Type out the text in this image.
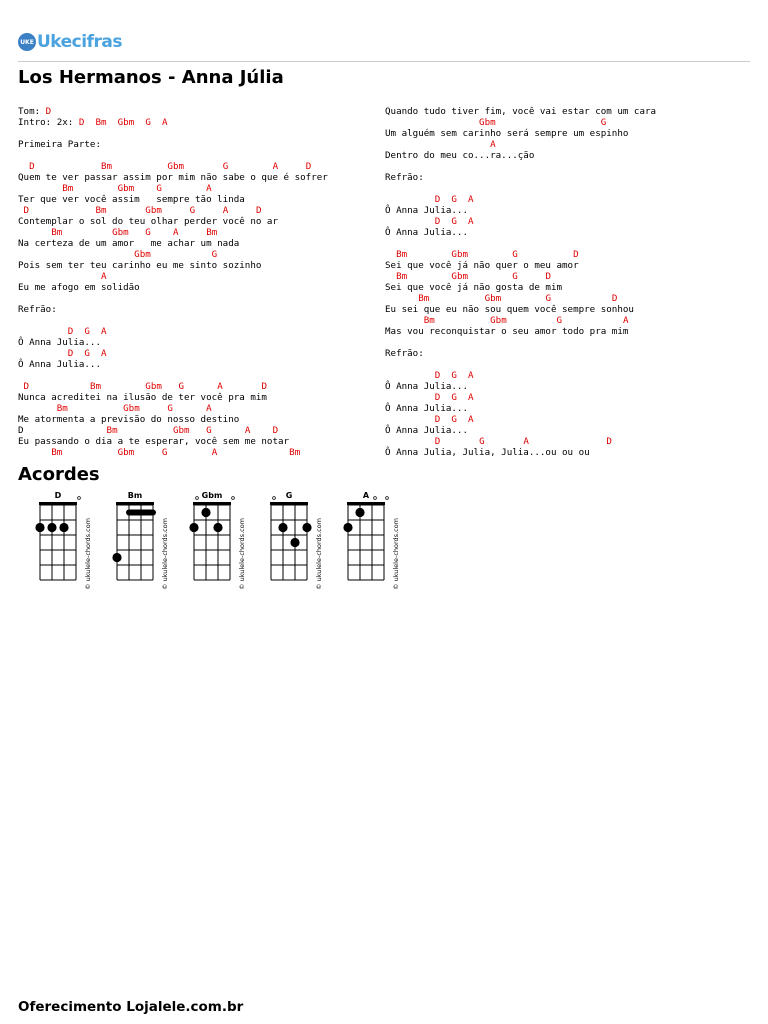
UKE Ukecifras
Los Hermanos - Anna Júlia
Tom: D
Intro: 2x: D Bm Gbm G A
Primeira Parte:
D	Bm	Gbm	G	A	D
Quem te ver passar assim por mim não sabe o que é sofrer
Bm	Gbm G	A
Ter que ver você assim   sempre tão linda
D	Bm	Gbm	G	A	D
Contemplar o sol do teu olhar perder você no ar
Bm	Gbm G A	Bm
Na certeza de um amor   me achar um nada
Gbm	G
Pois sem ter teu carinho eu me sinto sozinho
A
Eu me afogo em solidão
Refrão:
D G A
Ô Anna Julia...
D G A
Ô Anna Julia...
D	Bm	Gbm G	A	D
Nunca acreditei na ilusão de ter você pra mim
Bm	Gbm	G	A
Me atormenta a previsão do nosso destino
D	Bm	Gbm G	A D
Eu passando o dia a te esperar, você sem me notar
Bm	Gbm	G	A	Bm
Quando tudo tiver fim, você vai estar com um cara
Gbm	G
Um alguém sem carinho será sempre um espinho
A
Dentro do meu co...ra...ção
Refrão:
D G A
Ô Anna Julia...
D G A
Ô Anna Julia...
Bm	Gbm	G	D
Sei que você já não quer o meu amor
Bm	Gbm	G	D
Sei que você já não gosta de mim
Bm	Gbm	G	D
Eu sei que eu não sou quem você sempre sonhou
Bm	Gbm	G	A
Mas vou reconquistar o seu amor todo pra mim
Refrão:
D G A
Ô Anna Julia...
D G A
Ô Anna Julia...
D G A
Ô Anna Julia...
D	G	A	D
Ô Anna Julia, Julia, Julia...ou ou ou
Acordes
D
© ukulele-chords.com
Bm
© ukulele-chords.com
Gbm
© ukulele-chords.com
G
© ukulele-chords.com
A
© ukulele-chords.com
Oferecimento Lojalele.com.br
